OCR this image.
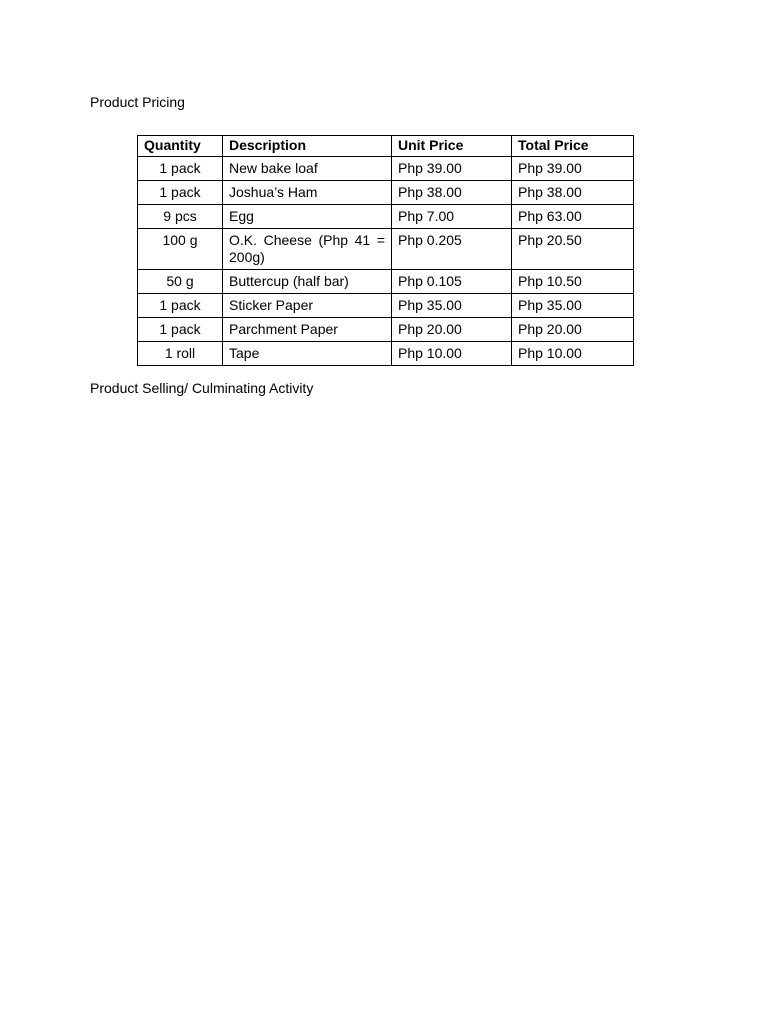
Product Pricing

Quantity	Description	Unit Price	Total Price
1 pack	New bake loaf	Php 39.00	Php 39.00
1 pack	Joshua’s Ham	Php 38.00	Php 38.00
9 pcs	Egg	Php 7.00	Php 63.00
100 g	O.K. Cheese (Php 41 = 200g)	Php 0.205	Php 20.50
50 g	Buttercup (half bar)	Php 0.105	Php 10.50
1 pack	Sticker Paper	Php 35.00	Php 35.00
1 pack	Parchment Paper	Php 20.00	Php 20.00
1 roll	Tape	Php 10.00	Php 10.00

Product Selling/ Culminating Activity
